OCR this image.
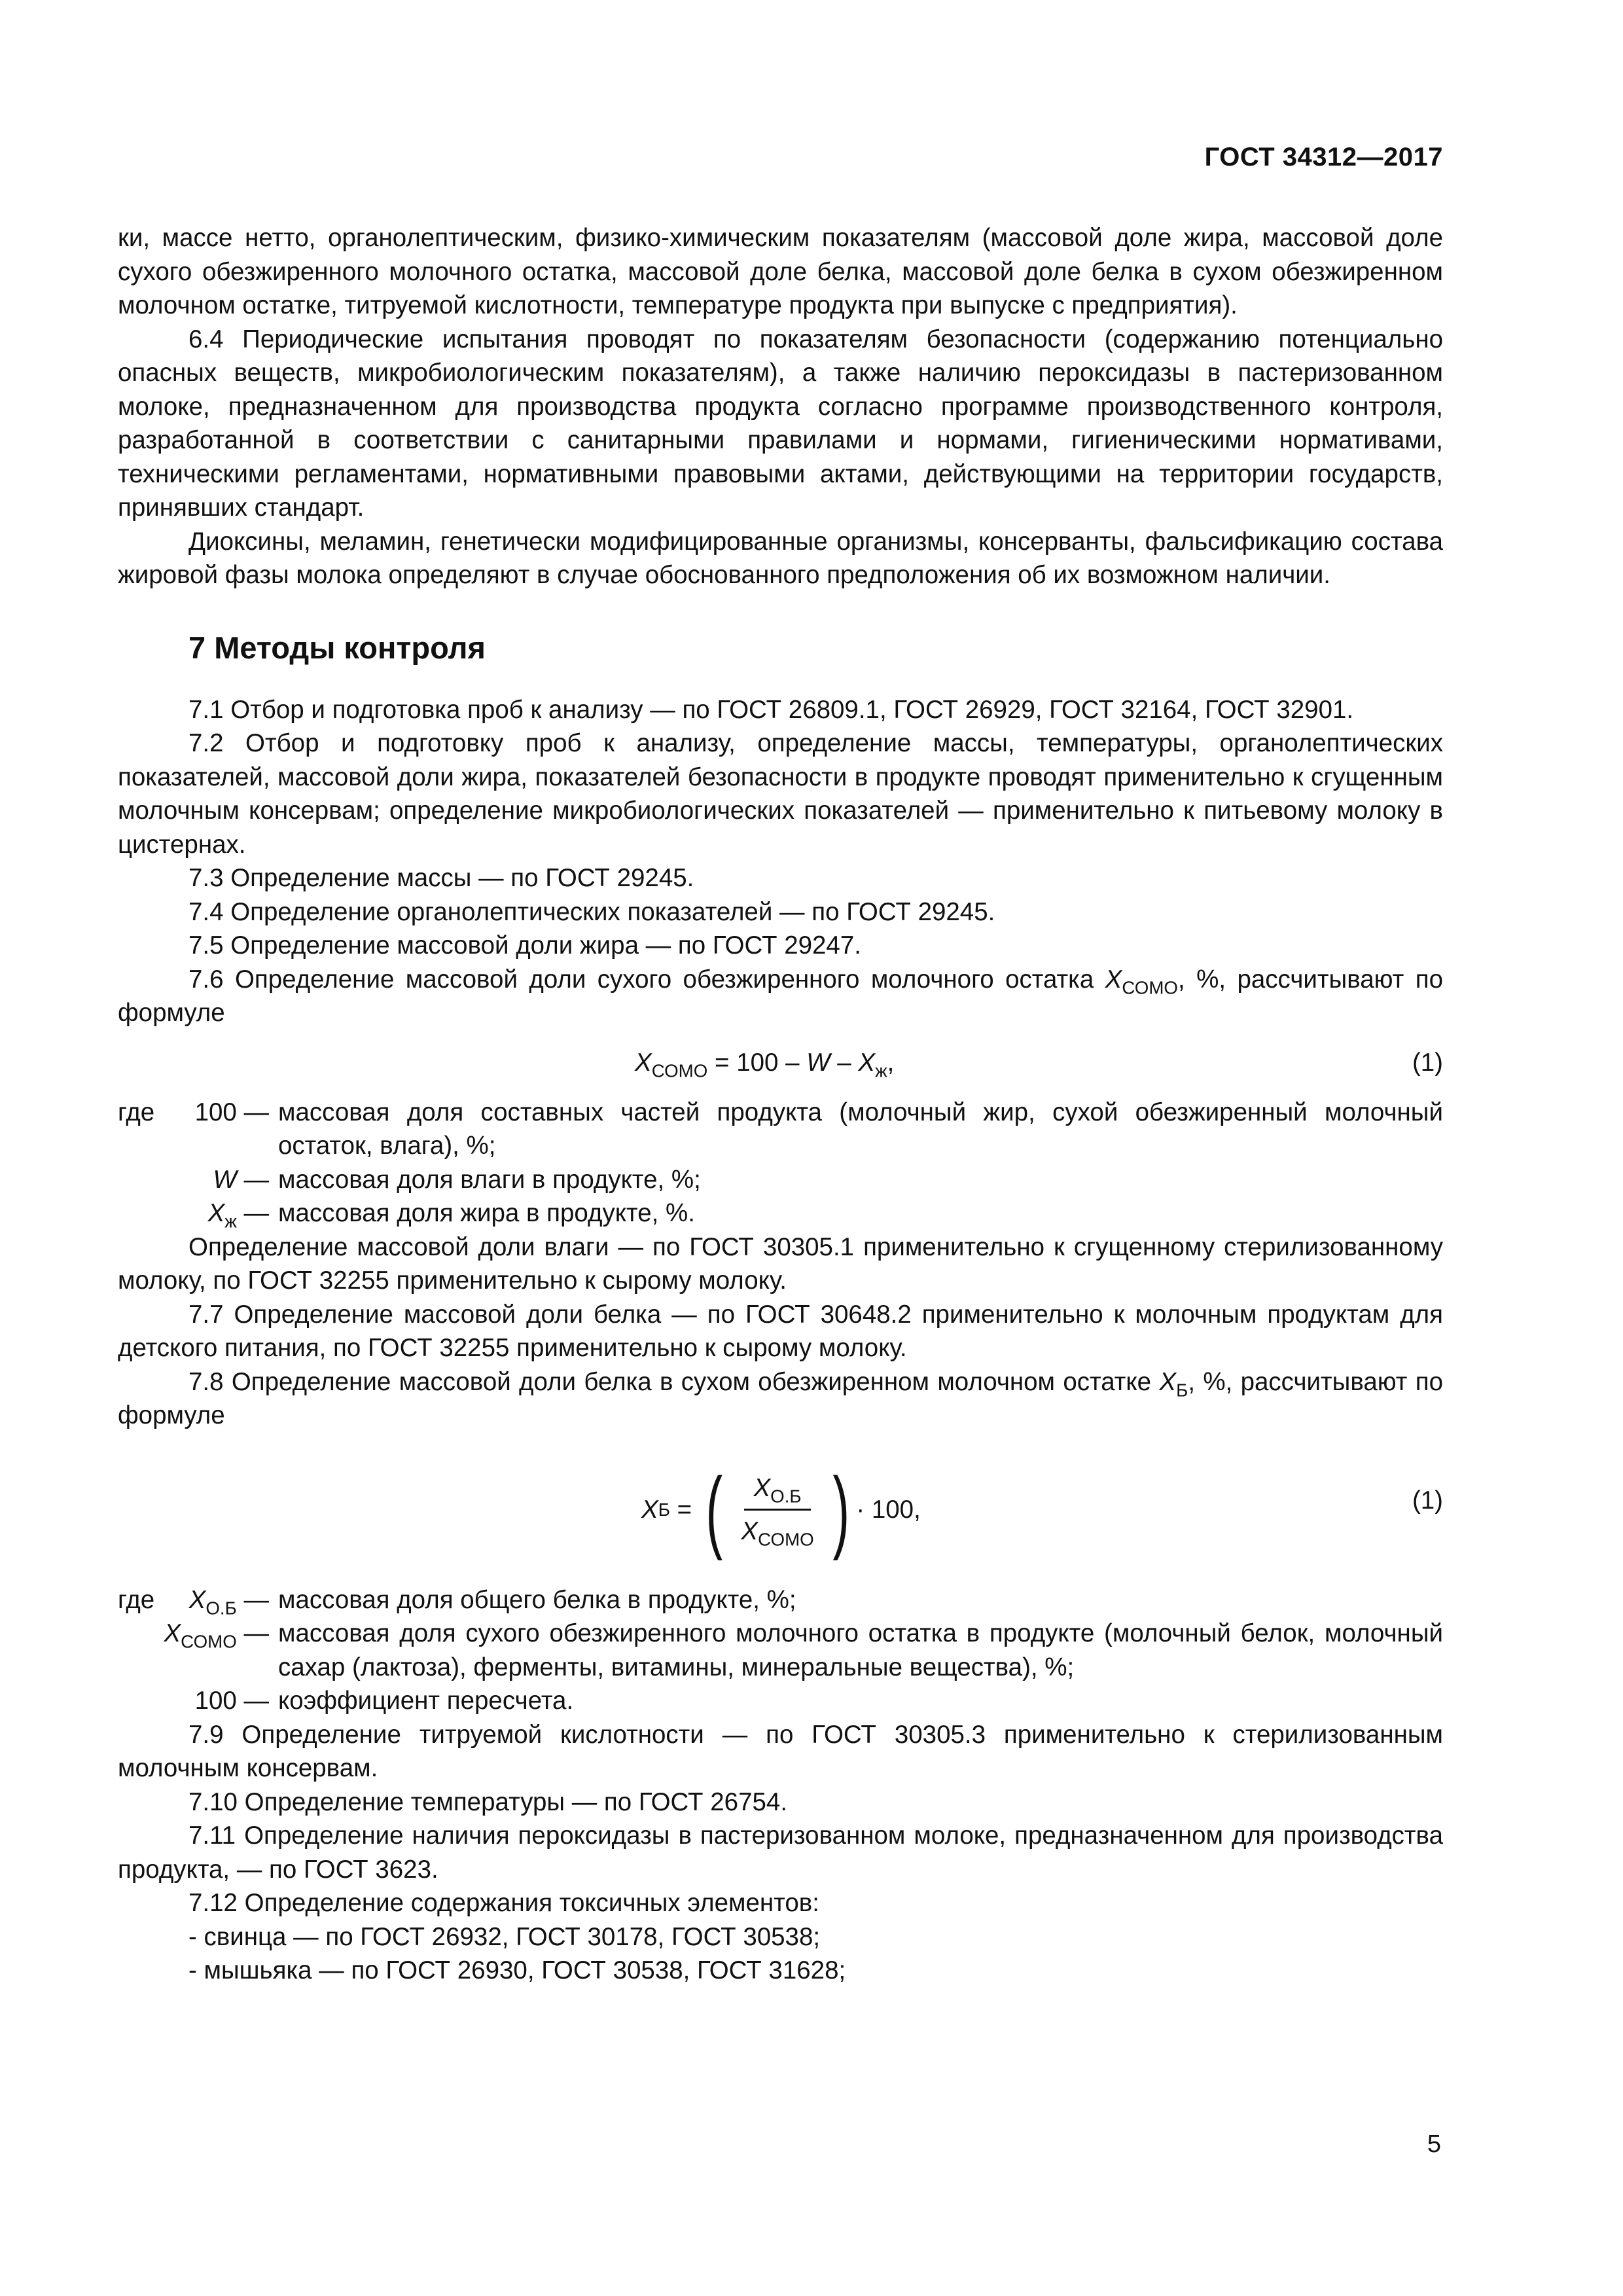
ГОСТ 34312—2017

ки, массе нетто, органолептическим, физико-химическим показателям (массовой доле жира, массовой доле сухого обезжиренного молочного остатка, массовой доле белка, массовой доле белка в сухом обезжиренном молочном остатке, титруемой кислотности, температуре продукта при выпуске с предприятия).

6.4 Периодические испытания проводят по показателям безопасности (содержанию потенциально опасных веществ, микробиологическим показателям), а также наличию пероксидазы в пастеризованном молоке, предназначенном для производства продукта согласно программе производственного контроля, разработанной в соответствии с санитарными правилами и нормами, гигиеническими нормативами, техническими регламентами, нормативными правовыми актами, действующими на территории государств, принявших стандарт.

Диоксины, меламин, генетически модифицированные организмы, консерванты, фальсификацию состава жировой фазы молока определяют в случае обоснованного предположения об их возможном наличии.

7 Методы контроля

7.1 Отбор и подготовка проб к анализу — по ГОСТ 26809.1, ГОСТ 26929, ГОСТ 32164, ГОСТ 32901.

7.2 Отбор и подготовку проб к анализу, определение массы, температуры, органолептических показателей, массовой доли жира, показателей безопасности в продукте проводят применительно к сгущенным молочным консервам; определение микробиологических показателей — применительно к питьевому молоку в цистернах.

7.3 Определение массы — по ГОСТ 29245.

7.4 Определение органолептических показателей — по ГОСТ 29245.

7.5 Определение массовой доли жира — по ГОСТ 29247.

7.6 Определение массовой доли сухого обезжиренного молочного остатка $X_{СОМО}$, %, рассчитывают по формуле

$X_{СОМО} = 100 - W - X_ж$,	(1)
где 100 — массовая доля составных частей продукта (молочный жир, сухой обезжиренный молочный остаток, влага), %;
W — массовая доля влаги в продукте, %;
$X_ж$ — массовая доля жира в продукте, %.

Определение массовой доли влаги — по ГОСТ 30305.1 применительно к сгущенному стерилизованному молоку, по ГОСТ 32255 применительно к сырому молоку.

7.7 Определение массовой доли белка — по ГОСТ 30648.2 применительно к молочным продуктам для детского питания, по ГОСТ 32255 применительно к сырому молоку.

7.8 Определение массовой доли белка в сухом обезжиренном молочном остатке $X_Б$, %, рассчитывают по формуле

X Б = ( $\frac{X_{О.Б}}{X_{СОМО}}$ ) · 100,	(1)
где $X_{О.Б}$ — массовая доля общего белка в продукте, %;
$X_{СОМО}$ — массовая доля сухого обезжиренного молочного остатка в продукте (молочный белок, молочный сахар (лактоза), ферменты, витамины, минеральные вещества), %;
100 — коэффициент пересчета.

7.9 Определение титруемой кислотности — по ГОСТ 30305.3 применительно к стерилизованным молочным консервам.

7.10 Определение температуры — по ГОСТ 26754.

7.11 Определение наличия пероксидазы в пастеризованном молоке, предназначенном для производства продукта, — по ГОСТ 3623.

7.12 Определение содержания токсичных элементов:

- свинца — по ГОСТ 26932, ГОСТ 30178, ГОСТ 30538;

- мышьяка — по ГОСТ 26930, ГОСТ 30538, ГОСТ 31628;

5
